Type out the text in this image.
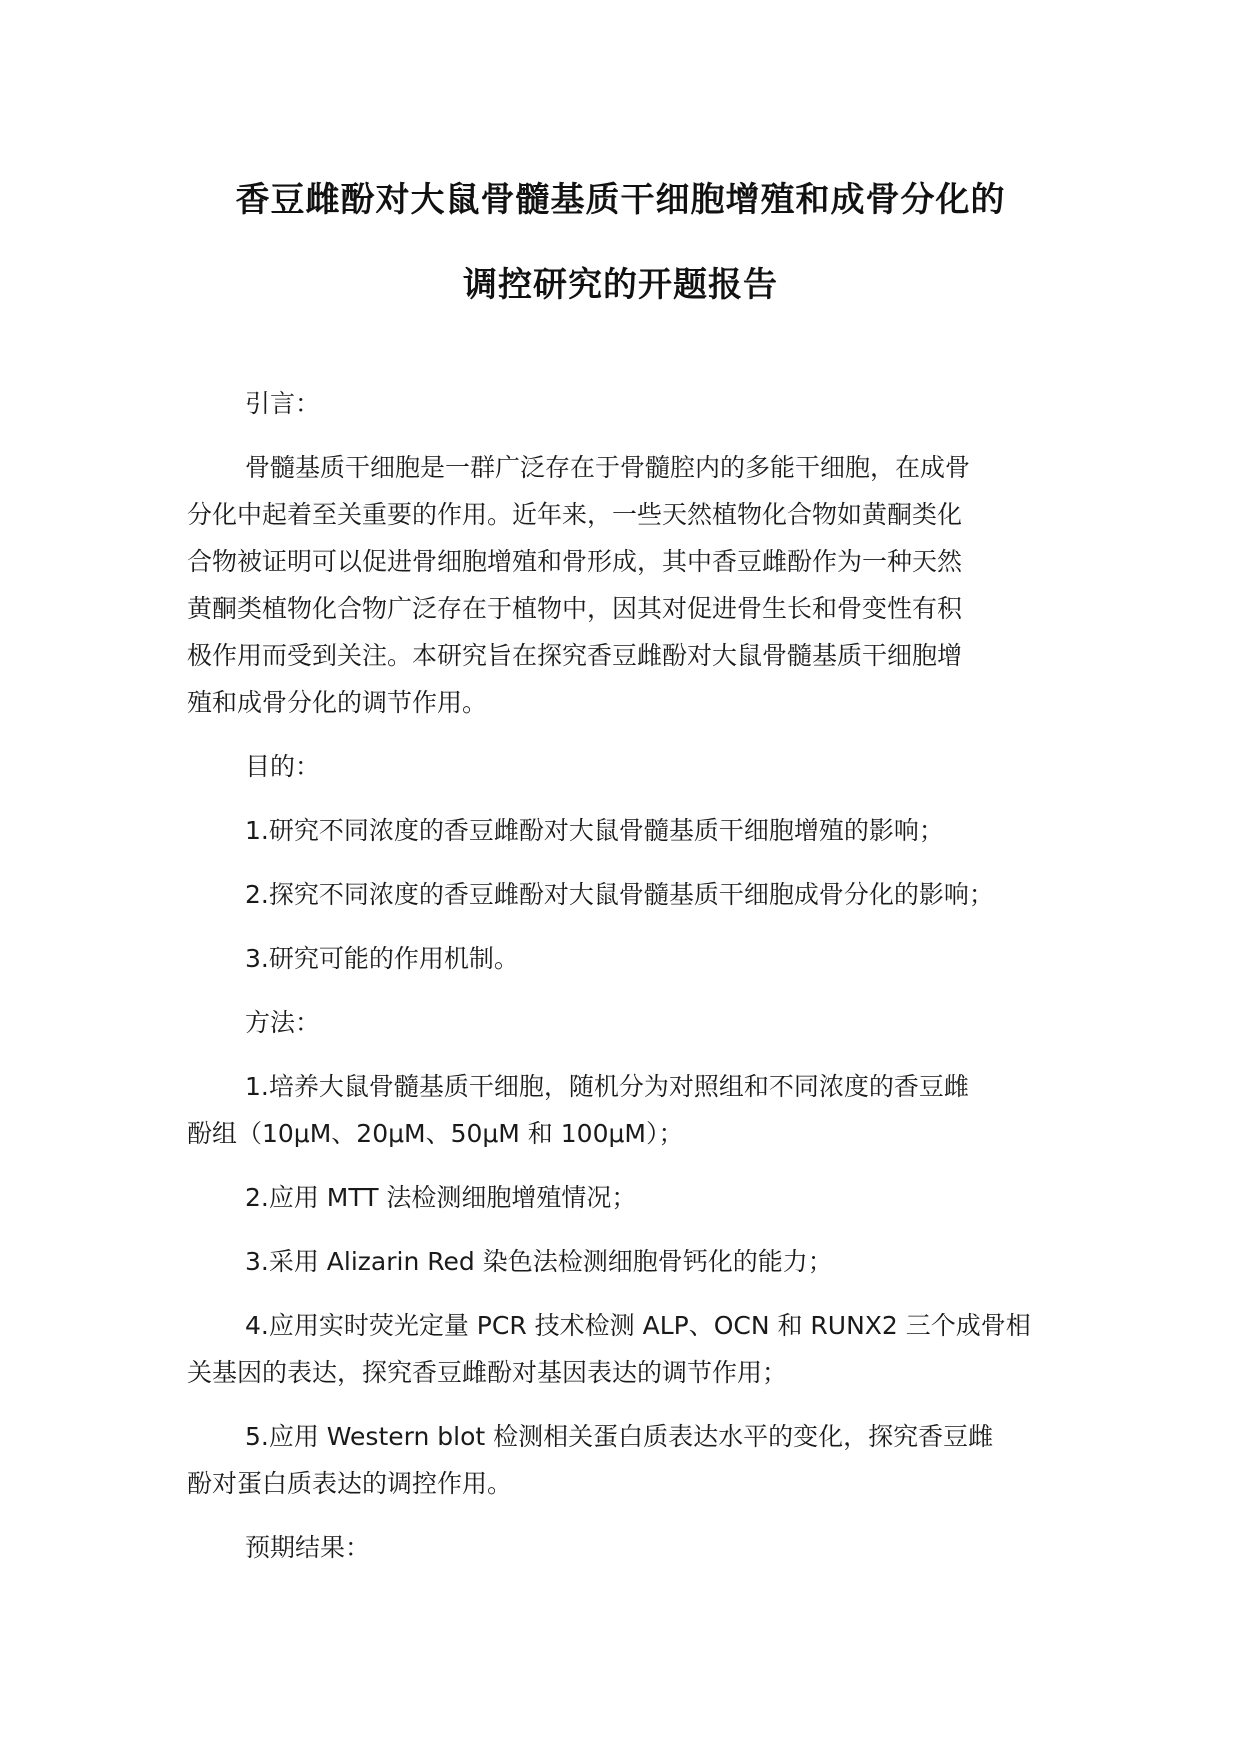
香豆雌酚对大鼠骨髓基质干细胞增殖和成骨分化的
调控研究的开题报告

引言：

骨髓基质干细胞是一群广泛存在于骨髓腔内的多能干细胞，在成骨
分化中起着至关重要的作用。近年来，一些天然植物化合物如黄酮类化
合物被证明可以促进骨细胞增殖和骨形成，其中香豆雌酚作为一种天然
黄酮类植物化合物广泛存在于植物中，因其对促进骨生长和骨变性有积
极作用而受到关注。本研究旨在探究香豆雌酚对大鼠骨髓基质干细胞增
殖和成骨分化的调节作用。

目的：

1.研究不同浓度的香豆雌酚对大鼠骨髓基质干细胞增殖的影响；

2.探究不同浓度的香豆雌酚对大鼠骨髓基质干细胞成骨分化的影响；

3.研究可能的作用机制。

方法：

1.培养大鼠骨髓基质干细胞，随机分为对照组和不同浓度的香豆雌
酚组（10μM、20μM、50μM 和 100μM）；

2.应用 MTT 法检测细胞增殖情况；

3.采用 Alizarin Red 染色法检测细胞骨钙化的能力；

4.应用实时荧光定量 PCR 技术检测 ALP、OCN 和 RUNX2 三个成骨相
关基因的表达，探究香豆雌酚对基因表达的调节作用；

5.应用 Western blot 检测相关蛋白质表达水平的变化，探究香豆雌
酚对蛋白质表达的调控作用。

预期结果：
